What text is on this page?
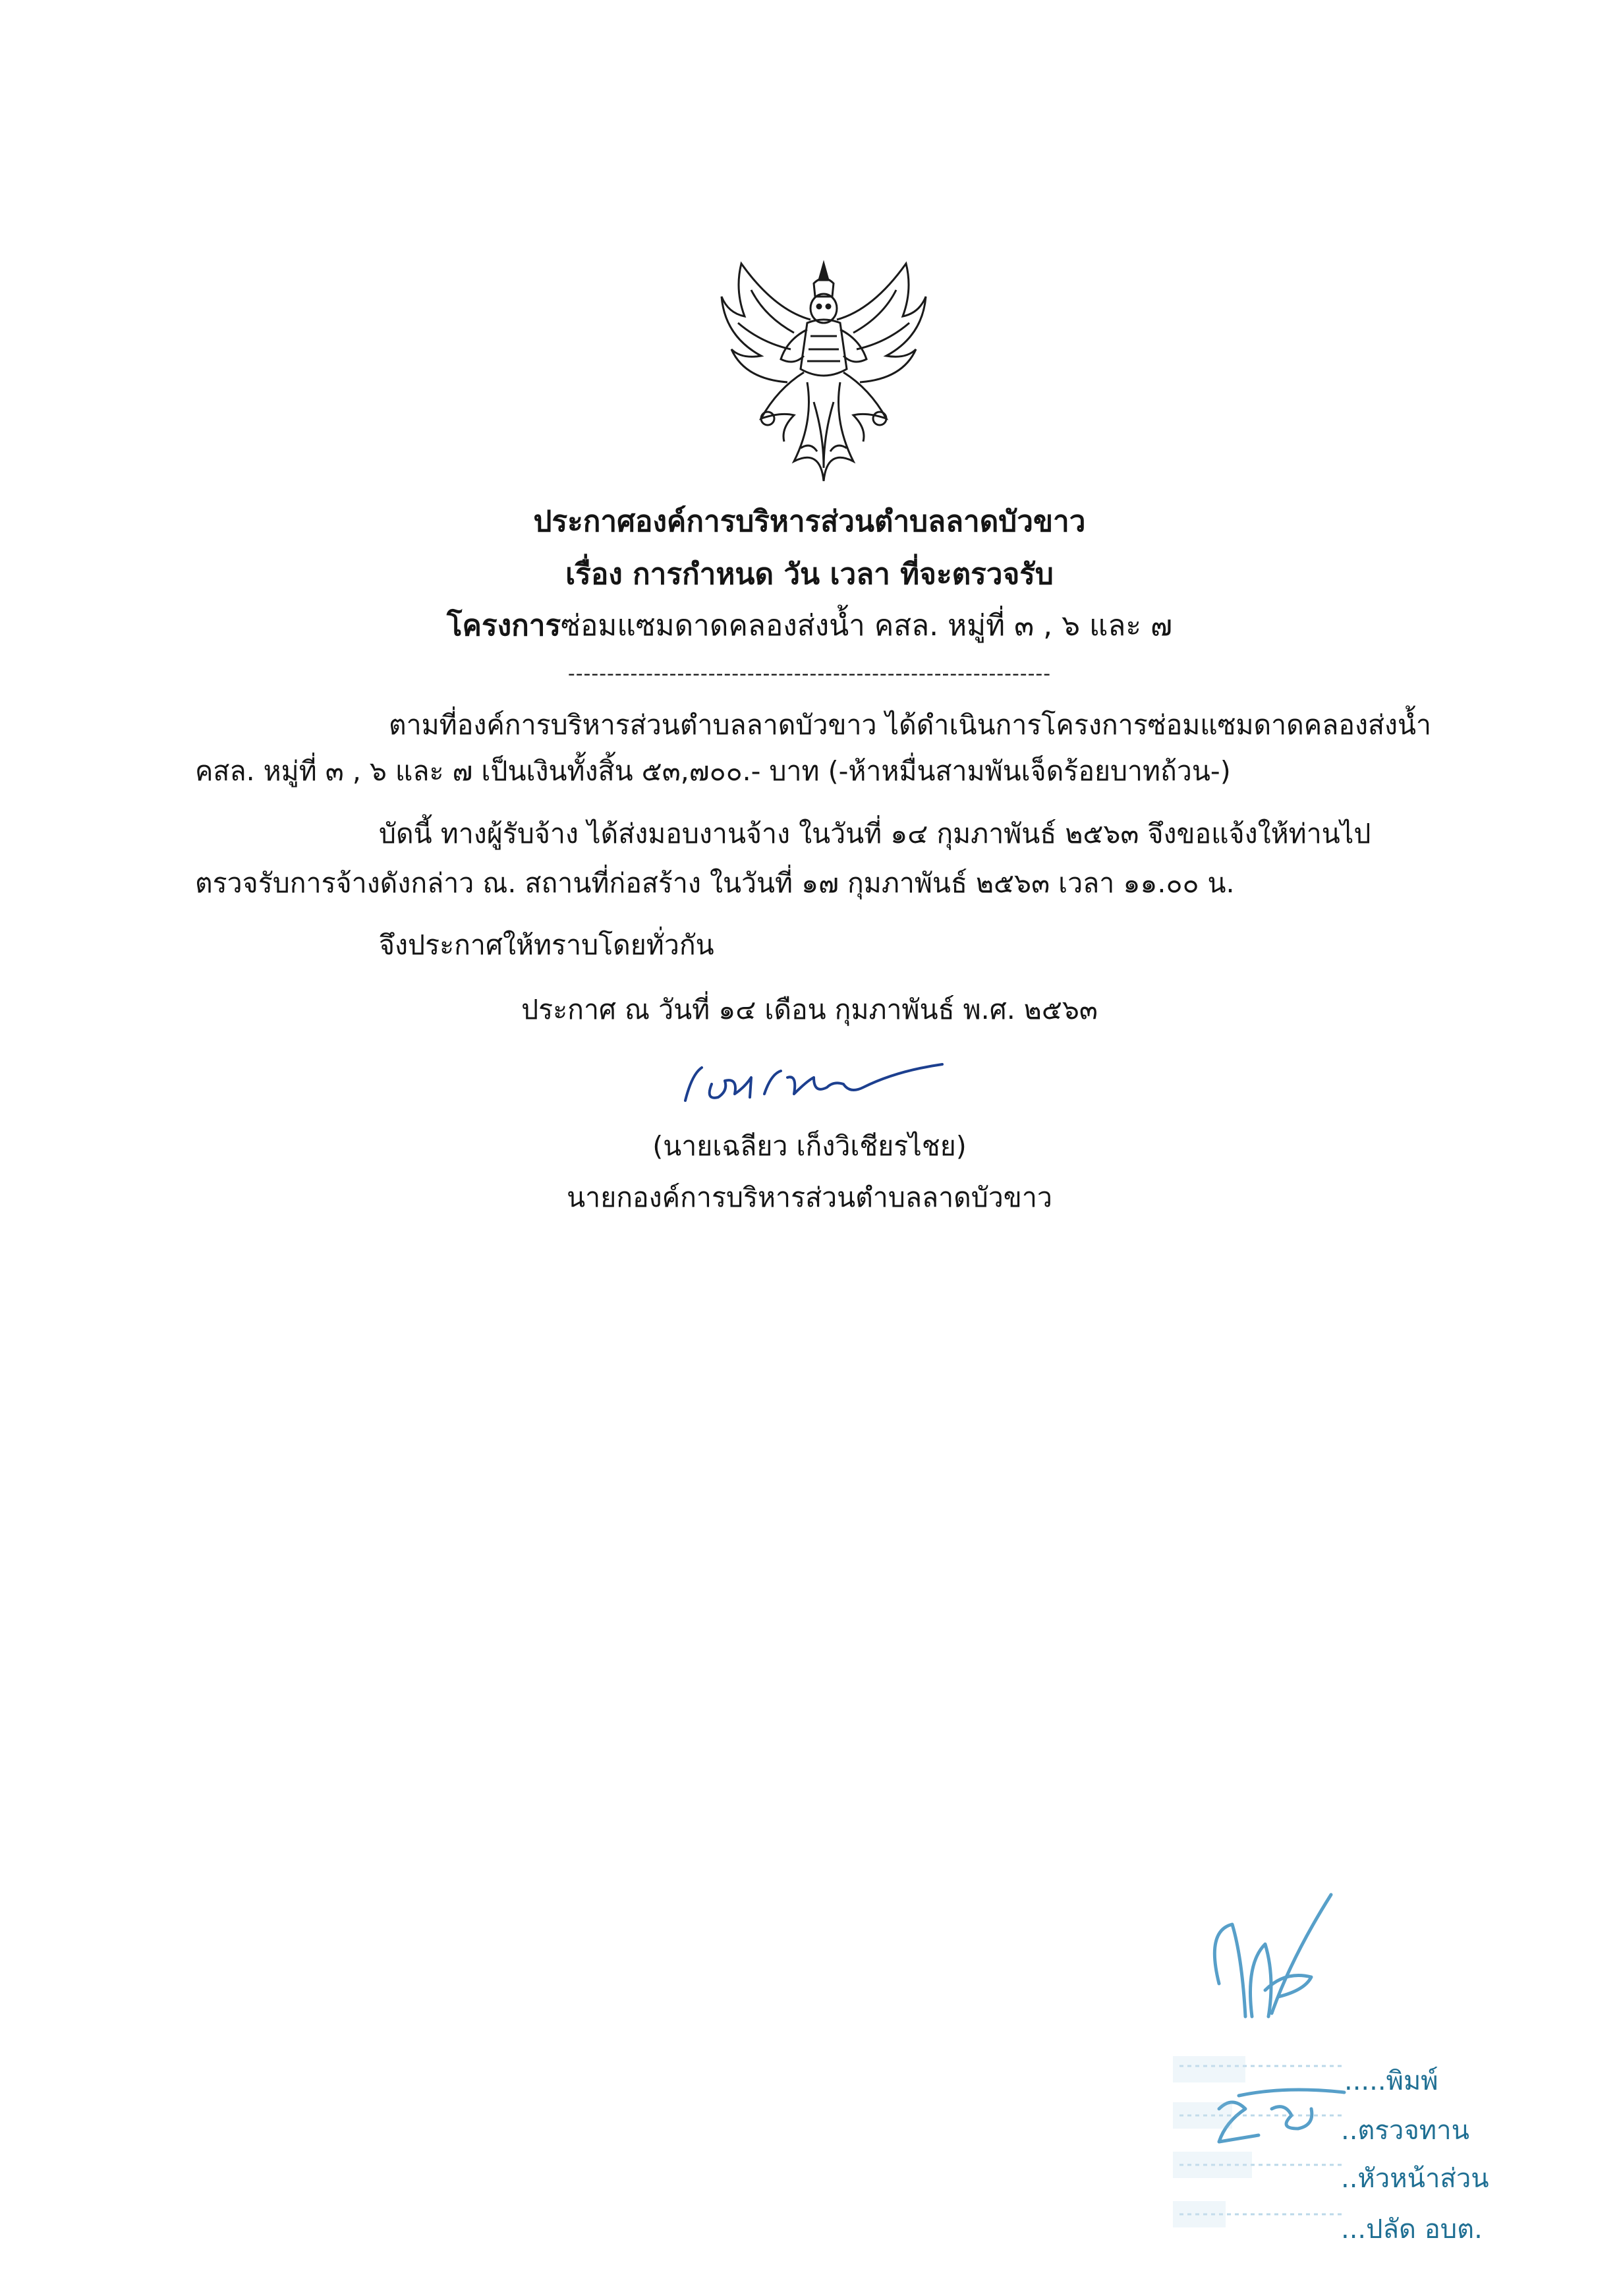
ประกาศองค์การบริหารส่วนตำบลลาดบัวขาว
เรื่อง การกำหนด วัน เวลา ที่จะตรวจรับ
โครงการซ่อมแซมดาดคลองส่งน้ำ คสล. หมู่ที่ ๓ , ๖ และ ๗
--------------------------------------------------------------
ตามที่องค์การบริหารส่วนตำบลลาดบัวขาว ได้ดำเนินการโครงการซ่อมแซมดาดคลองส่งน้ำ
คสล. หมู่ที่ ๓ , ๖ และ ๗ เป็นเงินทั้งสิ้น ๕๓,๗๐๐.- บาท (-ห้าหมื่นสามพันเจ็ดร้อยบาทถ้วน-)
บัดนี้ ทางผู้รับจ้าง ได้ส่งมอบงานจ้าง ในวันที่ ๑๔ กุมภาพันธ์ ๒๕๖๓ จึงขอแจ้งให้ท่านไป
ตรวจรับการจ้างดังกล่าว ณ. สถานที่ก่อสร้าง ในวันที่ ๑๗ กุมภาพันธ์ ๒๕๖๓ เวลา ๑๑.๐๐ น.
จึงประกาศให้ทราบโดยทั่วกัน
ประกาศ ณ วันที่ ๑๔ เดือน กุมภาพันธ์ พ.ศ. ๒๕๖๓
(นายเฉลียว เก็งวิเชียรไชย)
นายกองค์การบริหารส่วนตำบลลาดบัวขาว
.....พิมพ์
..ตรวจทาน
..หัวหน้าส่วน
...ปลัด อบต.
